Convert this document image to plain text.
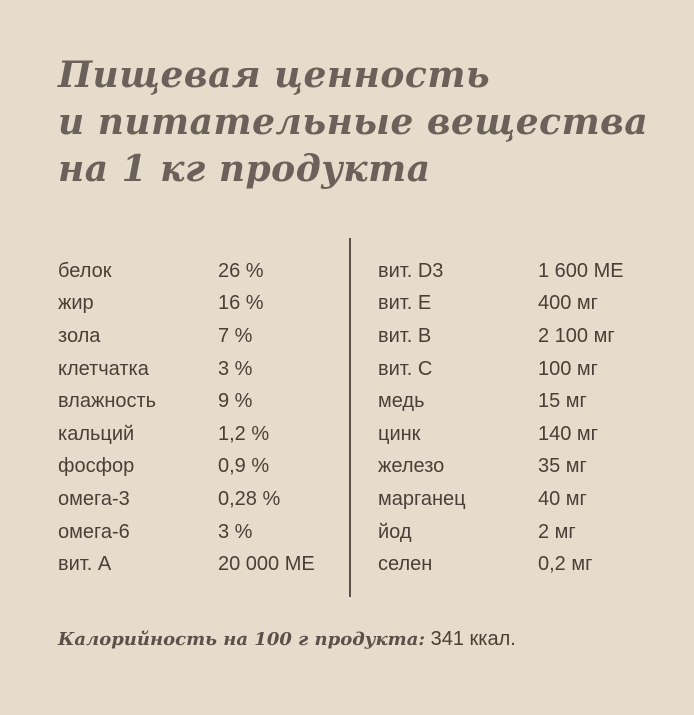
Пищевая ценность
и питательные вещества
на 1 кг продукта
белок	26 %
жир	16 %
зола	7 %
клетчатка	3 %
влажность	9 %
кальций	1,2 %
фосфор	0,9 %
омега-3	0,28 %
омега-6	3 %
вит. А	20 000 МЕ
вит. D3	1 600 МЕ
вит. Е	400 мг
вит. В	2 100 мг
вит. С	100 мг
медь	15 мг
цинк	140 мг
железо	35 мг
марганец	40 мг
йод	2 мг
селен	0,2 мг
Калорийность на 100 г продукта: 341 ккал.
